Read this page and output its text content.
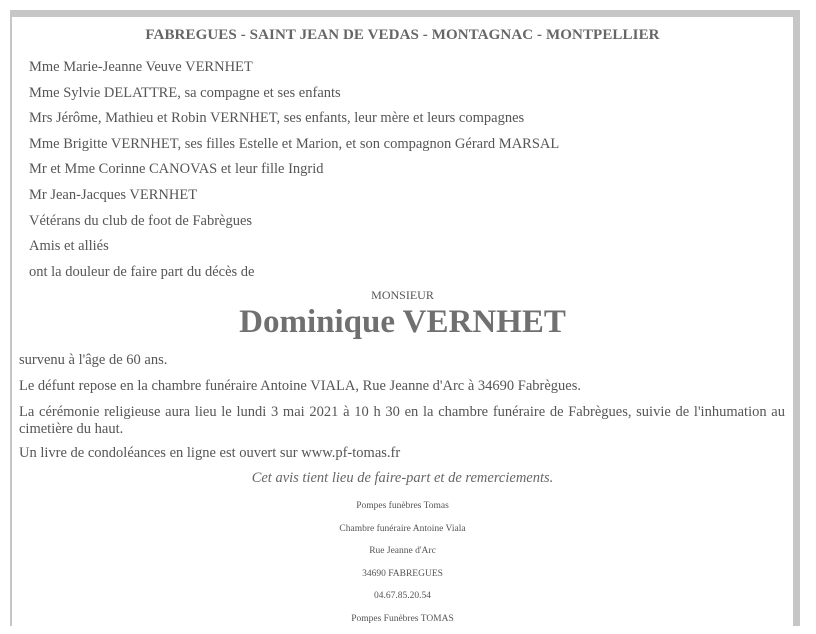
FABREGUES - SAINT JEAN DE VEDAS - MONTAGNAC - MONTPELLIER
Mme Marie-Jeanne Veuve VERNHET
Mme Sylvie DELATTRE, sa compagne et ses enfants
Mrs Jérôme, Mathieu et Robin VERNHET, ses enfants, leur mère et leurs compagnes
Mme Brigitte VERNHET, ses filles Estelle et Marion, et son compagnon Gérard MARSAL
Mr et Mme Corinne CANOVAS et leur fille Ingrid
Mr Jean-Jacques VERNHET
Vétérans du club de foot de Fabrègues
Amis et alliés
ont la douleur de faire part du décès de
MONSIEUR
Dominique VERNHET
survenu à l'âge de 60 ans.
Le défunt repose en la chambre funéraire Antoine VIALA, Rue Jeanne d'Arc à 34690 Fabrègues.
La cérémonie religieuse aura lieu le lundi 3 mai 2021 à 10 h 30 en la chambre funéraire de Fabrègues, suivie de l'inhumation au cimetière du haut.
Un livre de condoléances en ligne est ouvert sur www.pf-tomas.fr
Cet avis tient lieu de faire-part et de remerciements.
Pompes funèbres Tomas
Chambre funéraire Antoine Viala
Rue Jeanne d'Arc
34690 FABREGUES
04.67.85.20.54
Pompes Funèbres TOMAS
